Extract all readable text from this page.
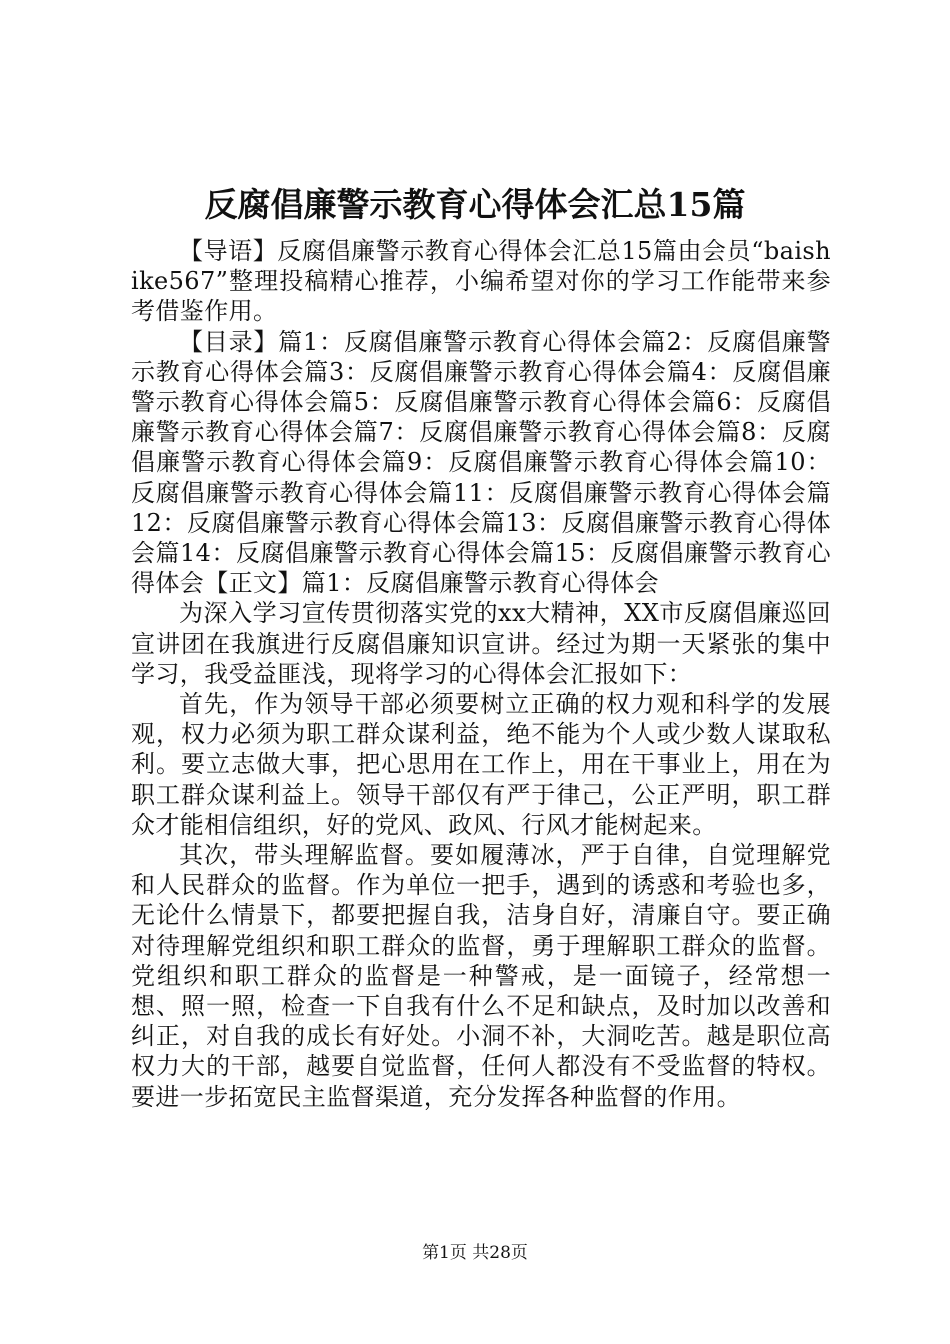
反腐倡廉警示教育心得体会汇总15篇

【导语】反腐倡廉警示教育心得体会汇总15篇由会员“baishike567”整理投稿精心推荐，小编希望对你的学习工作能带来参考借鉴作用。

【目录】篇1：反腐倡廉警示教育心得体会篇2：反腐倡廉警示教育心得体会篇3：反腐倡廉警示教育心得体会篇4：反腐倡廉警示教育心得体会篇5：反腐倡廉警示教育心得体会篇6：反腐倡廉警示教育心得体会篇7：反腐倡廉警示教育心得体会篇8：反腐倡廉警示教育心得体会篇9：反腐倡廉警示教育心得体会篇10：反腐倡廉警示教育心得体会篇11：反腐倡廉警示教育心得体会篇12：反腐倡廉警示教育心得体会篇13：反腐倡廉警示教育心得体会篇14：反腐倡廉警示教育心得体会篇15：反腐倡廉警示教育心得体会【正文】篇1：反腐倡廉警示教育心得体会

为深入学习宣传贯彻落实党的xx大精神，XX市反腐倡廉巡回宣讲团在我旗进行反腐倡廉知识宣讲。经过为期一天紧张的集中学习，我受益匪浅，现将学习的心得体会汇报如下：

首先，作为领导干部必须要树立正确的权力观和科学的发展观，权力必须为职工群众谋利益，绝不能为个人或少数人谋取私利。要立志做大事，把心思用在工作上，用在干事业上，用在为职工群众谋利益上。领导干部仅有严于律己，公正严明，职工群众才能相信组织，好的党风、政风、行风才能树起来。

其次，带头理解监督。要如履薄冰，严于自律，自觉理解党和人民群众的监督。作为单位一把手，遇到的诱惑和考验也多，无论什么情景下，都要把握自我，洁身自好，清廉自守。要正确对待理解党组织和职工群众的监督，勇于理解职工群众的监督。党组织和职工群众的监督是一种警戒，是一面镜子，经常想一想、照一照，检查一下自我有什么不足和缺点，及时加以改善和纠正，对自我的成长有好处。小洞不补，大洞吃苦。越是职位高权力大的干部，越要自觉监督，任何人都没有不受监督的特权。要进一步拓宽民主监督渠道，充分发挥各种监督的作用。

第1页 共28页
